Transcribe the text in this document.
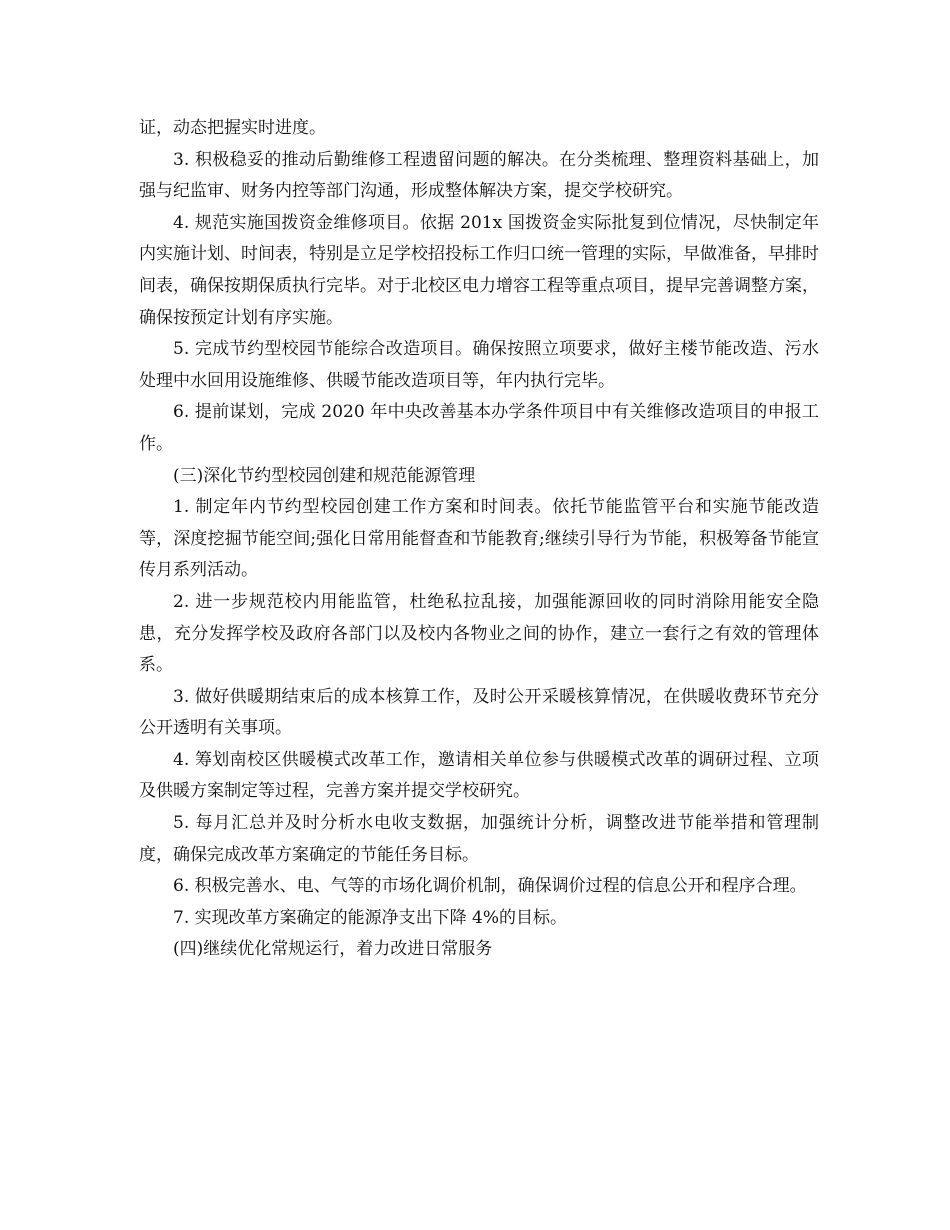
证，动态把握实时进度。

3. 积极稳妥的推动后勤维修工程遗留问题的解决。在分类梳理、整理资料基础上，加强与纪监审、财务内控等部门沟通，形成整体解决方案，提交学校研究。

4. 规范实施国拨资金维修项目。依据 201x 国拨资金实际批复到位情况，尽快制定年内实施计划、时间表，特别是立足学校招投标工作归口统一管理的实际，早做准备，早排时间表，确保按期保质执行完毕。对于北校区电力增容工程等重点项目，提早完善调整方案，确保按预定计划有序实施。

5. 完成节约型校园节能综合改造项目。确保按照立项要求，做好主楼节能改造、污水处理中水回用设施维修、供暖节能改造项目等，年内执行完毕。

6. 提前谋划，完成 2020 年中央改善基本办学条件项目中有关维修改造项目的申报工作。

(三)深化节约型校园创建和规范能源管理

1. 制定年内节约型校园创建工作方案和时间表。依托节能监管平台和实施节能改造等，深度挖掘节能空间;强化日常用能督查和节能教育;继续引导行为节能，积极筹备节能宣传月系列活动。

2. 进一步规范校内用能监管，杜绝私拉乱接，加强能源回收的同时消除用能安全隐患，充分发挥学校及政府各部门以及校内各物业之间的协作，建立一套行之有效的管理体系。

3. 做好供暖期结束后的成本核算工作，及时公开采暖核算情况，在供暖收费环节充分公开透明有关事项。

4. 筹划南校区供暖模式改革工作，邀请相关单位参与供暖模式改革的调研过程、立项及供暖方案制定等过程，完善方案并提交学校研究。

5. 每月汇总并及时分析水电收支数据，加强统计分析，调整改进节能举措和管理制度，确保完成改革方案确定的节能任务目标。

6. 积极完善水、电、气等的市场化调价机制，确保调价过程的信息公开和程序合理。

7. 实现改革方案确定的能源净支出下降 4%的目标。

(四)继续优化常规运行，着力改进日常服务
